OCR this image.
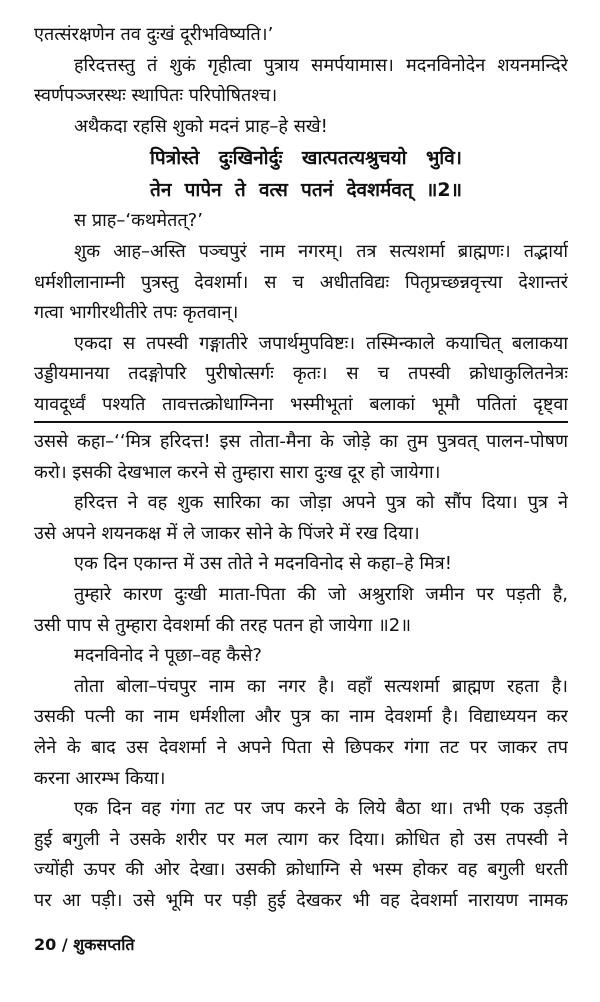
एतत्संरक्षणेन तव दुःखं दूरीभविष्यति।’
हरिदत्तस्तु तं शुकं गृहीत्वा पुत्राय समर्पयामास। मदनविनोदेन शयनमन्दिरे
स्वर्णपञ्जरस्थः स्थापितः परिपोषितश्च।
अथैकदा रहसि शुको मदनं प्राह–हे सखे!
पित्रोस्ते दुःखिनोर्दुः खात्पतत्यश्रुचयो भुवि।
तेन पापेन ते वत्स पतनं देवशर्मवत् ॥2॥
स प्राह–‘कथमेतत्?’
शुक आह–अस्ति पञ्चपुरं नाम नगरम्। तत्र सत्यशर्मा ब्राह्मणः। तद्भार्या
धर्मशीलानाम्नी पुत्रस्तु देवशर्मा। स च अधीतविद्यः पितृप्रच्छन्नवृत्त्या देशान्तरं
गत्वा भागीरथीतीरे तपः कृतवान्।
एकदा स तपस्वी गङ्गातीरे जपार्थमुपविष्टः। तस्मिन्काले कयाचित् बलाकया
उड्डीयमानया तदङ्गोपरि पुरीषोत्सर्गः कृतः। स च तपस्वी क्रोधाकुलितनेत्रः
यावदूर्ध्वं पश्यति तावत्तत्क्रोधाग्निना भस्मीभूतां बलाकां भूमौ पतितां दृष्ट्वा
उससे कहा–‘‘मित्र हरिदत्त! इस तोता-मैना के जोड़े का तुम पुत्रवत् पालन-पोषण
करो। इसकी देखभाल करने से तुम्हारा सारा दुःख दूर हो जायेगा।
हरिदत्त ने वह शुक सारिका का जोड़ा अपने पुत्र को सौंप दिया। पुत्र ने
उसे अपने शयनकक्ष में ले जाकर सोने के पिंजरे में रख दिया।
एक दिन एकान्त में उस तोते ने मदनविनोद से कहा–हे मित्र!
तुम्हारे कारण दुःखी माता-पिता की जो अश्रुराशि जमीन पर पड़ती है,
उसी पाप से तुम्हारा देवशर्मा की तरह पतन हो जायेगा ॥2॥
मदनविनोद ने पूछा–वह कैसे?
तोता बोला–पंचपुर नाम का नगर है। वहाँ सत्यशर्मा ब्राह्मण रहता है।
उसकी पत्नी का नाम धर्मशीला और पुत्र का नाम देवशर्मा है। विद्याध्ययन कर
लेने के बाद उस देवशर्मा ने अपने पिता से छिपकर गंगा तट पर जाकर तप
करना आरम्भ किया।
एक दिन वह गंगा तट पर जप करने के लिये बैठा था। तभी एक उड़ती
हुई बगुली ने उसके शरीर पर मल त्याग कर दिया। क्रोधित हो उस तपस्वी ने
ज्योंही ऊपर की ओर देखा। उसकी क्रोधाग्नि से भस्म होकर वह बगुली धरती
पर आ पड़ी। उसे भूमि पर पड़ी हुई देखकर भी वह देवशर्मा नारायण नामक
20 / शुकसप्तति
